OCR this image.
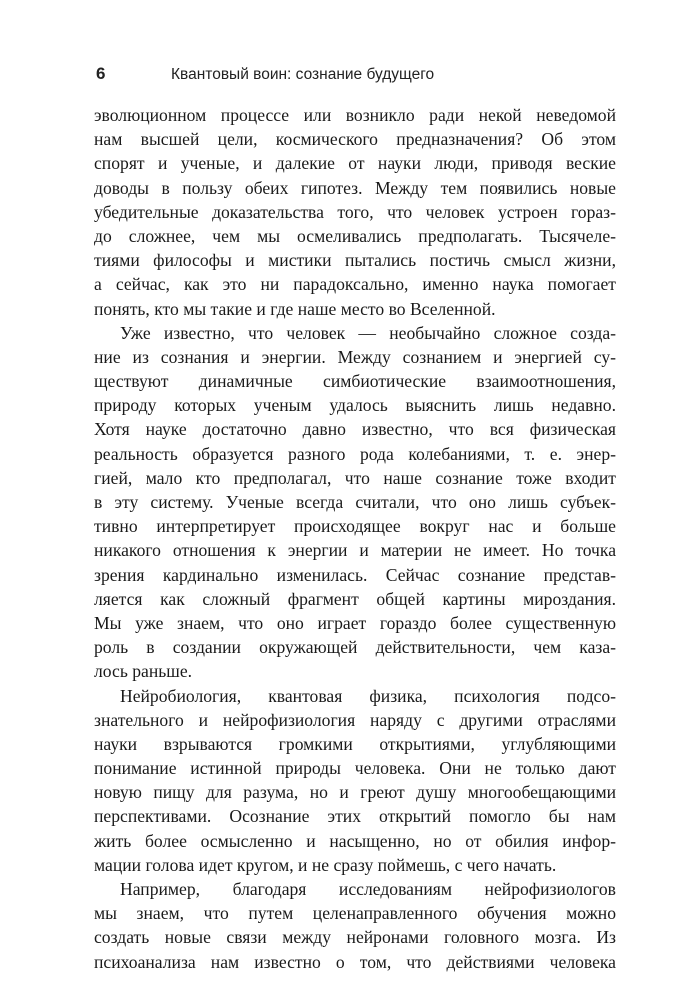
6	Квантовый воин: сознание будущего
эволюционном процессе или возникло ради некой неведомой
нам высшей цели, космического предназначения? Об этом
спорят и ученые, и далекие от науки люди, приводя веские
доводы в пользу обеих гипотез. Между тем появились новые
убедительные доказательства того, что человек устроен гораз-
до сложнее, чем мы осмеливались предполагать. Тысячеле-
тиями философы и мистики пытались постичь смысл жизни,
а сейчас, как это ни парадоксально, именно наука помогает
понять, кто мы такие и где наше место во Вселенной.
Уже известно, что человек — необычайно сложное созда-
ние из сознания и энергии. Между сознанием и энергией су-
ществуют динамичные симбиотические взаимоотношения,
природу которых ученым удалось выяснить лишь недавно.
Хотя науке достаточно давно известно, что вся физическая
реальность образуется разного рода колебаниями, т. е. энер-
гией, мало кто предполагал, что наше сознание тоже входит
в эту систему. Ученые всегда считали, что оно лишь субъек-
тивно интерпретирует происходящее вокруг нас и больше
никакого отношения к энергии и материи не имеет. Но точка
зрения кардинально изменилась. Сейчас сознание представ-
ляется как сложный фрагмент общей картины мироздания.
Мы уже знаем, что оно играет гораздо более существенную
роль в создании окружающей действительности, чем каза-
лось раньше.
Нейробиология, квантовая физика, психология подсо-
знательного и нейрофизиология наряду с другими отраслями
науки взрываются громкими открытиями, углубляющими
понимание истинной природы человека. Они не только дают
новую пищу для разума, но и греют душу многообещающими
перспективами. Осознание этих открытий помогло бы нам
жить более осмысленно и насыщенно, но от обилия инфор-
мации голова идет кругом, и не сразу поймешь, с чего начать.
Например, благодаря исследованиям нейрофизиологов
мы знаем, что путем целенаправленного обучения можно
создать новые связи между нейронами головного мозга. Из
психоанализа нам известно о том, что действиями человека
